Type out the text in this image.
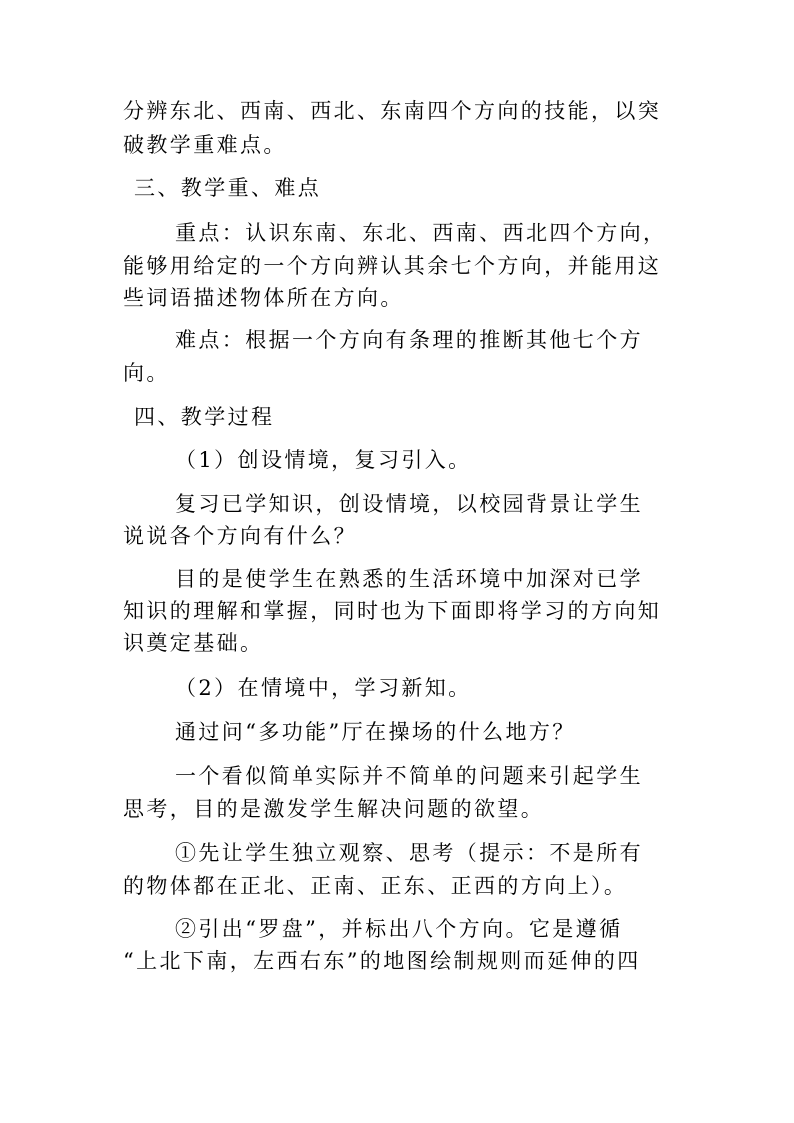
分辨东北、西南、西北、东南四个方向的技能，以突
破教学重难点。
三、教学重、难点
重点：认识东南、东北、西南、西北四个方向，
能够用给定的一个方向辨认其余七个方向，并能用这
些词语描述物体所在方向。
难点：根据一个方向有条理的推断其他七个方
向。
四、教学过程
（1）创设情境，复习引入。
复习已学知识，创设情境，以校园背景让学生
说说各个方向有什么？
目的是使学生在熟悉的生活环境中加深对已学
知识的理解和掌握，同时也为下面即将学习的方向知
识奠定基础。
（2）在情境中，学习新知。
通过问“多功能”厅在操场的什么地方？
一个看似简单实际并不简单的问题来引起学生
思考，目的是激发学生解决问题的欲望。
①先让学生独立观察、思考（提示：不是所有
的物体都在正北、正南、正东、正西的方向上）。
②引出“罗盘”，并标出八个方向。它是遵循
“上北下南，左西右东”的地图绘制规则而延伸的四
